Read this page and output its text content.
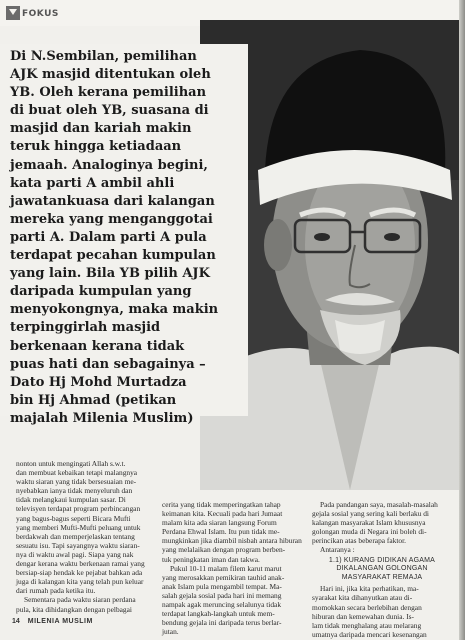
FOKUS
Di N.Sembilan, pemilihan
AJK masjid ditentukan oleh
YB. Oleh kerana pemilihan
di buat oleh YB, suasana di
masjid dan kariah makin
teruk hingga ketiadaan
jemaah. Analoginya begini,
kata parti A ambil ahli
jawatankuasa dari kalangan
mereka yang menganggotai
parti A. Dalam parti A pula
terdapat pecahan kumpulan
yang lain. Bila YB pilih AJK
daripada kumpulan yang
menyokongnya, maka makin
terpinggirlah masjid
berkenaan kerana tidak
puas hati dan sebagainya –
Dato Hj Mohd Murtadza
bin Hj Ahmad (petikan
majalah Milenia Muslim)

nonton untuk mengingati Allah s.w.t.

dan membuat kebaikan tetapi malangnya

waktu siaran yang tidak bersesuaian me-

nyebabkan ianya tidak menyeluruh dan

tidak melangkaui kumpulan sasar. Di

televisyen terdapat program perbincangan

yang bagus-bagus seperti Bicara Mufti

yang memberi Mufti-Mufti peluang untuk

berdakwah dan memperjelaskan tentang

sesuatu isu. Tapi sayangnya waktu siaran-

nya di waktu awal pagi. Siapa yang nak

dengar kerana waktu berkenaan ramai yang

bersiap-siap hendak ke pejabat bahkan ada

juga di kalangan kita yang telah pun keluar

dari rumah pada ketika itu.

Sementara pada waktu siaran perdana

pula, kita dihidangkan dengan pelbagai

cerita yang tidak memperingatkan tahap

keimanan kita. Kecuali pada hari Jumaat

malam kita ada siaran langsung Forum

Perdana Ehwal Islam. Itu pun tidak me-

mungkinkan jika diambil nisbah antara hiburan

yang melalaikan dengan program berben-

tuk peningkatan iman dan takwa.

Pukul 10-11 malam filem karut marut

yang merosakkan pemikiran tauhid anak-

anak Islam pula mengambil tempat. Ma-

salah gejala sosial pada hari ini memang

nampak agak meruncing selalunya tidak

terdapat langkah-langkah untuk mem-

bendung gejala ini daripada terus berlar-

jutan.

Pada pandangan saya, masalah-masalah

gejala sosial yang sering kali berlaku di

kalangan masyarakat Islam khususnya

golongan muda di Negara ini boleh di-

perincikan atas beberapa faktor.

Antaranya :

1.1) KURANG DIDIKAN AGAMA

DIKALANGAN GOLONGAN

MASYARAKAT REMAJA

Hari ini, jika kita perhatikan, ma-

syarakat kita dihanyutkan atau di-

momokkan secara berlebihan dengan

hiburan dan kemewahan dunia. Is-

lam tidak menghalang atau melarang

umatnya daripada mencari kesenangan

14 MILENIA MUSLIM
